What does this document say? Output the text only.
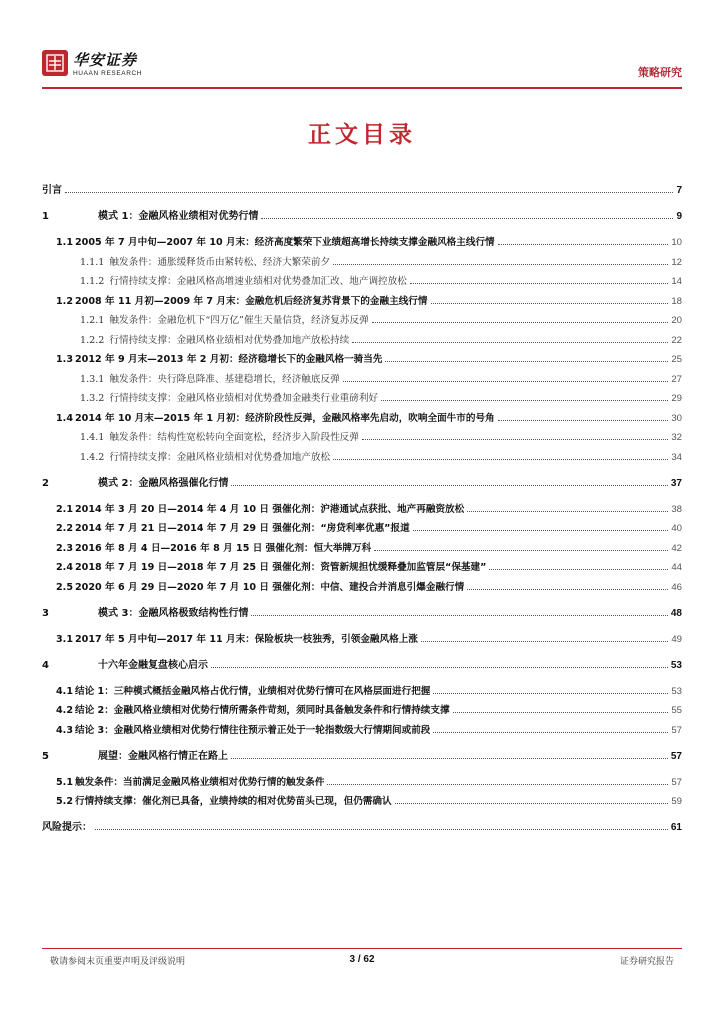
华安证券
HUAAN RESEARCH	策略研究
正文目录
引言	7
1	模式 1：金融风格业绩相对优势行情	9
1.1 2005 年 7 月中旬—2007 年 10 月末：经济高度繁荣下业绩超高增长持续支撑金融风格主线行情	10
1.1.1 触发条件：通胀缓释货币由紧转松、经济大繁荣前夕	12
1.1.2 行情持续支撑：金融风格高增速业绩相对优势叠加汇改、地产调控放松	14
1.2 2008 年 11 月初—2009 年 7 月末：金融危机后经济复苏背景下的金融主线行情	18
1.2.1 触发条件：金融危机下“四万亿”催生天量信贷，经济复苏反弹	20
1.2.2 行情持续支撑：金融风格业绩相对优势叠加地产放松持续	22
1.3 2012 年 9 月末—2013 年 2 月初：经济稳增长下的金融风格一骑当先	25
1.3.1 触发条件：央行降息降准、基建稳增长，经济触底反弹	27
1.3.2 行情持续支撑：金融风格业绩相对优势叠加金融类行业重磅利好	29
1.4 2014 年 10 月末—2015 年 1 月初：经济阶段性反弹，金融风格率先启动，吹响全面牛市的号角	30
1.4.1 触发条件：结构性宽松转向全面宽松，经济步入阶段性反弹	32
1.4.2 行情持续支撑：金融风格业绩相对优势叠加地产放松	34
2	模式 2：金融风格强催化行情	37
2.1 2014 年 3 月 20 日—2014 年 4 月 10 日 强催化剂：沪港通试点获批、地产再融资放松	38
2.2 2014 年 7 月 21 日—2014 年 7 月 29 日 强催化剂：“房贷利率优惠”报道	40
2.3 2016 年 8 月 4 日—2016 年 8 月 15 日 强催化剂：恒大举牌万科	42
2.4 2018 年 7 月 19 日—2018 年 7 月 25 日 强催化剂：资管新规担忧缓释叠加监管层“保基建”	44
2.5 2020 年 6 月 29 日—2020 年 7 月 10 日 强催化剂：中信、建投合并消息引爆金融行情	46
3	模式 3：金融风格极致结构性行情	48
3.1 2017 年 5 月中旬—2017 年 11 月末：保险板块一枝独秀，引领金融风格上涨	49
4	十六年金融复盘核心启示	53
4.1 结论 1：三种模式概括金融风格占优行情，业绩相对优势行情可在风格层面进行把握	53
4.2 结论 2：金融风格业绩相对优势行情所需条件苛刻，须同时具备触发条件和行情持续支撑	55
4.3 结论 3：金融风格业绩相对优势行情往往预示着正处于一轮指数级大行情期间或前段	57
5	展望：金融风格行情正在路上	57
5.1 触发条件：当前满足金融风格业绩相对优势行情的触发条件	57
5.2 行情持续支撑：催化剂已具备，业绩持续的相对优势苗头已现，但仍需确认	59
风险提示：	61
敬请参阅末页重要声明及评级说明	3 / 62	证券研究报告
